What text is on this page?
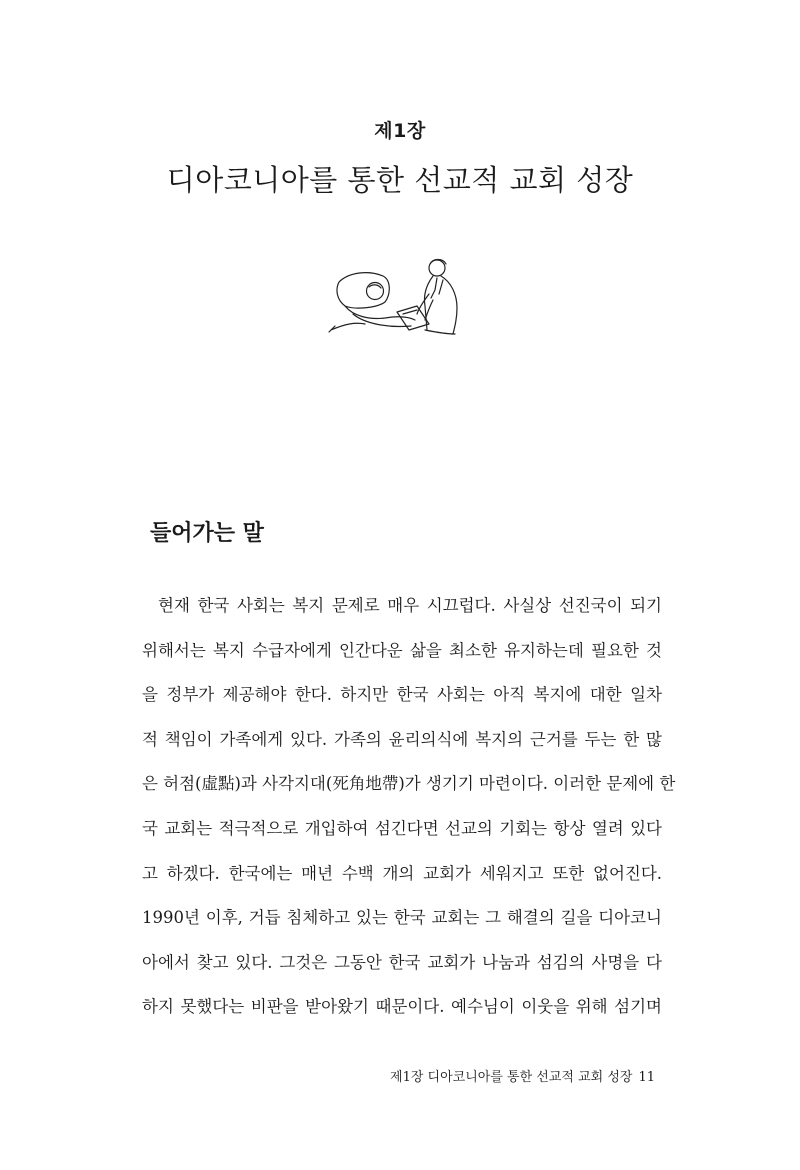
제1장
디아코니아를 통한 선교적 교회 성장
들어가는 말
현재 한국 사회는 복지 문제로 매우 시끄럽다. 사실상 선진국이 되기
위해서는 복지 수급자에게 인간다운 삶을 최소한 유지하는데 필요한 것
을 정부가 제공해야 한다. 하지만 한국 사회는 아직 복지에 대한 일차
적 책임이 가족에게 있다. 가족의 윤리의식에 복지의 근거를 두는 한 많
은 허점(虛點)과 사각지대(死角地帶)가 생기기 마련이다. 이러한 문제에 한
국 교회는 적극적으로 개입하여 섬긴다면 선교의 기회는 항상 열려 있다
고 하겠다. 한국에는 매년 수백 개의 교회가 세워지고 또한 없어진다.
1990년 이후, 거듭 침체하고 있는 한국 교회는 그 해결의 길을 디아코니
아에서 찾고 있다. 그것은 그동안 한국 교회가 나눔과 섬김의 사명을 다
하지 못했다는 비판을 받아왔기 때문이다. 예수님이 이웃을 위해 섬기며
제1장 디아코니아를 통한 선교적 교회 성장 11
